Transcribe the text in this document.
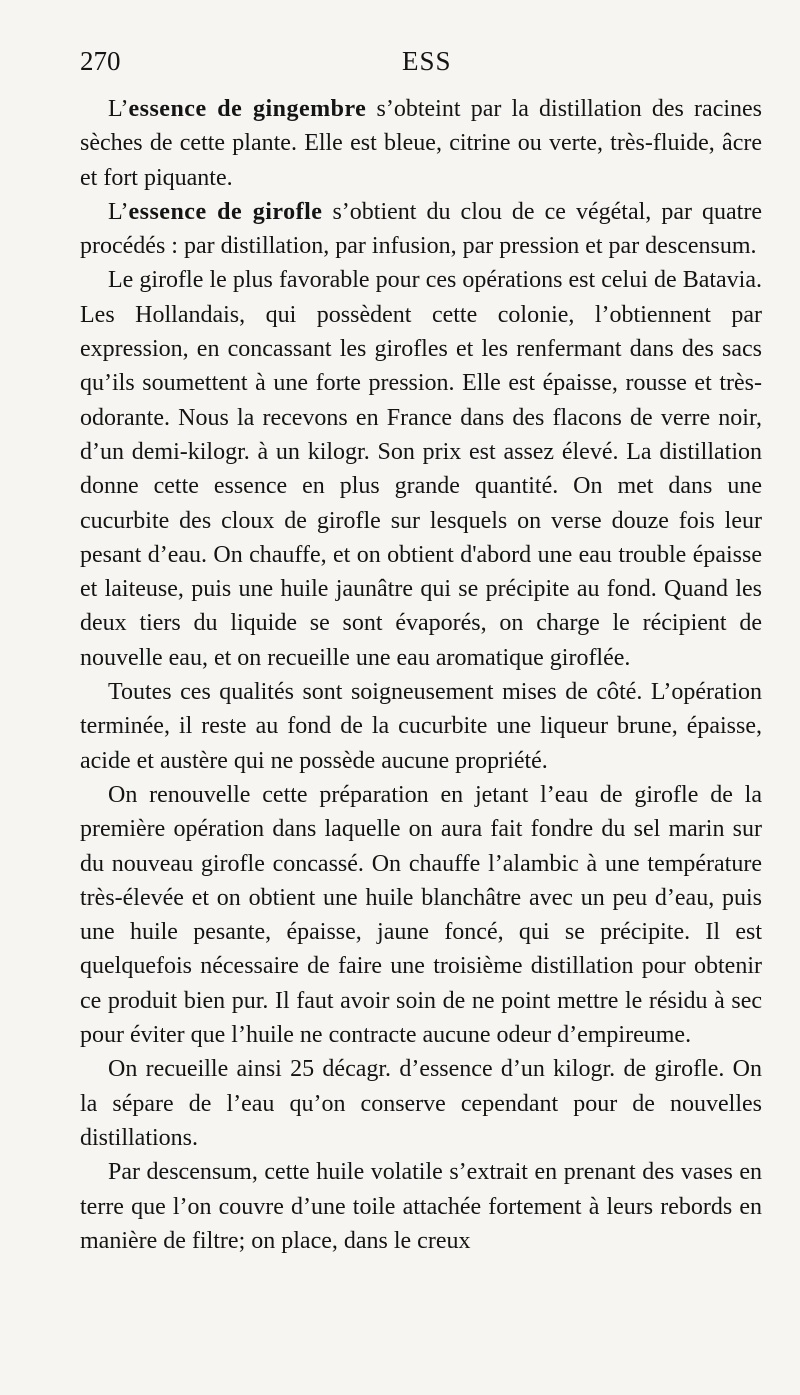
270	ESS

L’essence de gingembre s’obteint par la distillation des racines sèches de cette plante. Elle est bleue, citrine ou verte, très-fluide, âcre et fort piquante.

L’essence de girofle s’obtient du clou de ce végétal, par quatre procédés : par distillation, par infusion, par pression et par descensum.

Le girofle le plus favorable pour ces opérations est celui de Batavia. Les Hollandais, qui possèdent cette colonie, l’obtiennent par expression, en concassant les girofles et les renfermant dans des sacs qu’ils soumettent à une forte pression. Elle est épaisse, rousse et très-odorante. Nous la recevons en France dans des flacons de verre noir, d’un demi-kilogr. à un kilogr. Son prix est assez élevé. La distillation donne cette essence en plus grande quantité. On met dans une cucurbite des cloux de girofle sur lesquels on verse douze fois leur pesant d’eau. On chauffe, et on obtient d'abord une eau trouble épaisse et laiteuse, puis une huile jaunâtre qui se précipite au fond. Quand les deux tiers du liquide se sont évaporés, on charge le récipient de nouvelle eau, et on recueille une eau aromatique giroflée.

Toutes ces qualités sont soigneusement mises de côté. L’opération terminée, il reste au fond de la cucurbite une liqueur brune, épaisse, acide et austère qui ne possède aucune propriété.

On renouvelle cette préparation en jetant l’eau de girofle de la première opération dans laquelle on aura fait fondre du sel marin sur du nouveau girofle concassé. On chauffe l’alambic à une température très-élevée et on obtient une huile blanchâtre avec un peu d’eau, puis une huile pesante, épaisse, jaune foncé, qui se précipite. Il est quelquefois nécessaire de faire une troisième distillation pour obtenir ce produit bien pur. Il faut avoir soin de ne point mettre le résidu à sec pour éviter que l’huile ne contracte aucune odeur d’empireume.

On recueille ainsi 25 décagr. d’essence d’un kilogr. de girofle. On la sépare de l’eau qu’on conserve cependant pour de nouvelles distillations.

Par descensum, cette huile volatile s’extrait en prenant des vases en terre que l’on couvre d’une toile attachée fortement à leurs rebords en manière de filtre; on place, dans le creux
